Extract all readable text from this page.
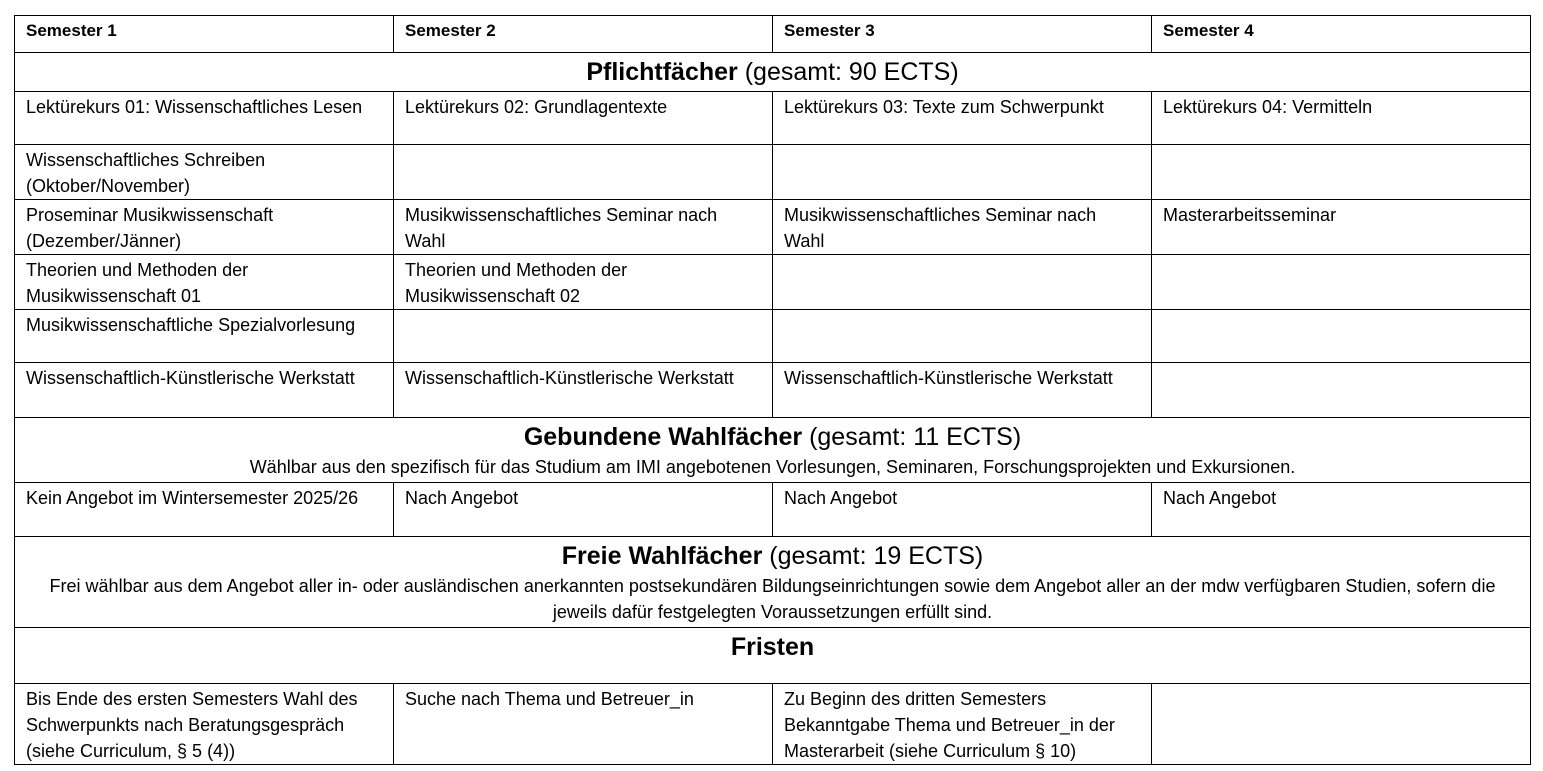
Semester 1	Semester 2	Semester 3	Semester 4

Pflichtfächer (gesamt: 90 ECTS)			

Lektürekurs 01: Wissenschaftliches Lesen	Lektürekurs 02: Grundlagentexte	Lektürekurs 03: Texte zum Schwerpunkt	Lektürekurs 04: Vermitteln
Wissenschaftliches Schreiben (Oktober/November)			
Proseminar Musikwissenschaft (Dezember/Jänner)	Musikwissenschaftliches Seminar nach Wahl	Musikwissenschaftliches Seminar nach Wahl	Masterarbeitsseminar
Theorien und Methoden der Musikwissenschaft 01	Theorien und Methoden der Musikwissenschaft 02		
Musikwissenschaftliche Spezialvorlesung			
Wissenschaftlich-Künstlerische Werkstatt	Wissenschaftlich-Künstlerische Werkstatt	Wissenschaftlich-Künstlerische Werkstatt	

Gebundene Wahlfächer (gesamt: 11 ECTS)
Wählbar aus den spezifisch für das Studium am IMI angebotenen Vorlesungen, Seminaren, Forschungsprojekten und Exkursionen.			

Kein Angebot im Wintersemester 2025/26	Nach Angebot	Nach Angebot	Nach Angebot

Freie Wahlfächer (gesamt: 19 ECTS)
Frei wählbar aus dem Angebot aller in- oder ausländischen anerkannten postsekundären Bildungseinrichtungen sowie dem Angebot aller an der mdw verfügbaren Studien, sofern die jeweils dafür festgelegten Voraussetzungen erfüllt sind.			

Fristen			

Bis Ende des ersten Semesters Wahl des Schwerpunkts nach Beratungsgespräch (siehe Curriculum, § 5 (4))	Suche nach Thema und Betreuer_in	Zu Beginn des dritten Semesters Bekanntgabe Thema und Betreuer_in der Masterarbeit (siehe Curriculum § 10)	
